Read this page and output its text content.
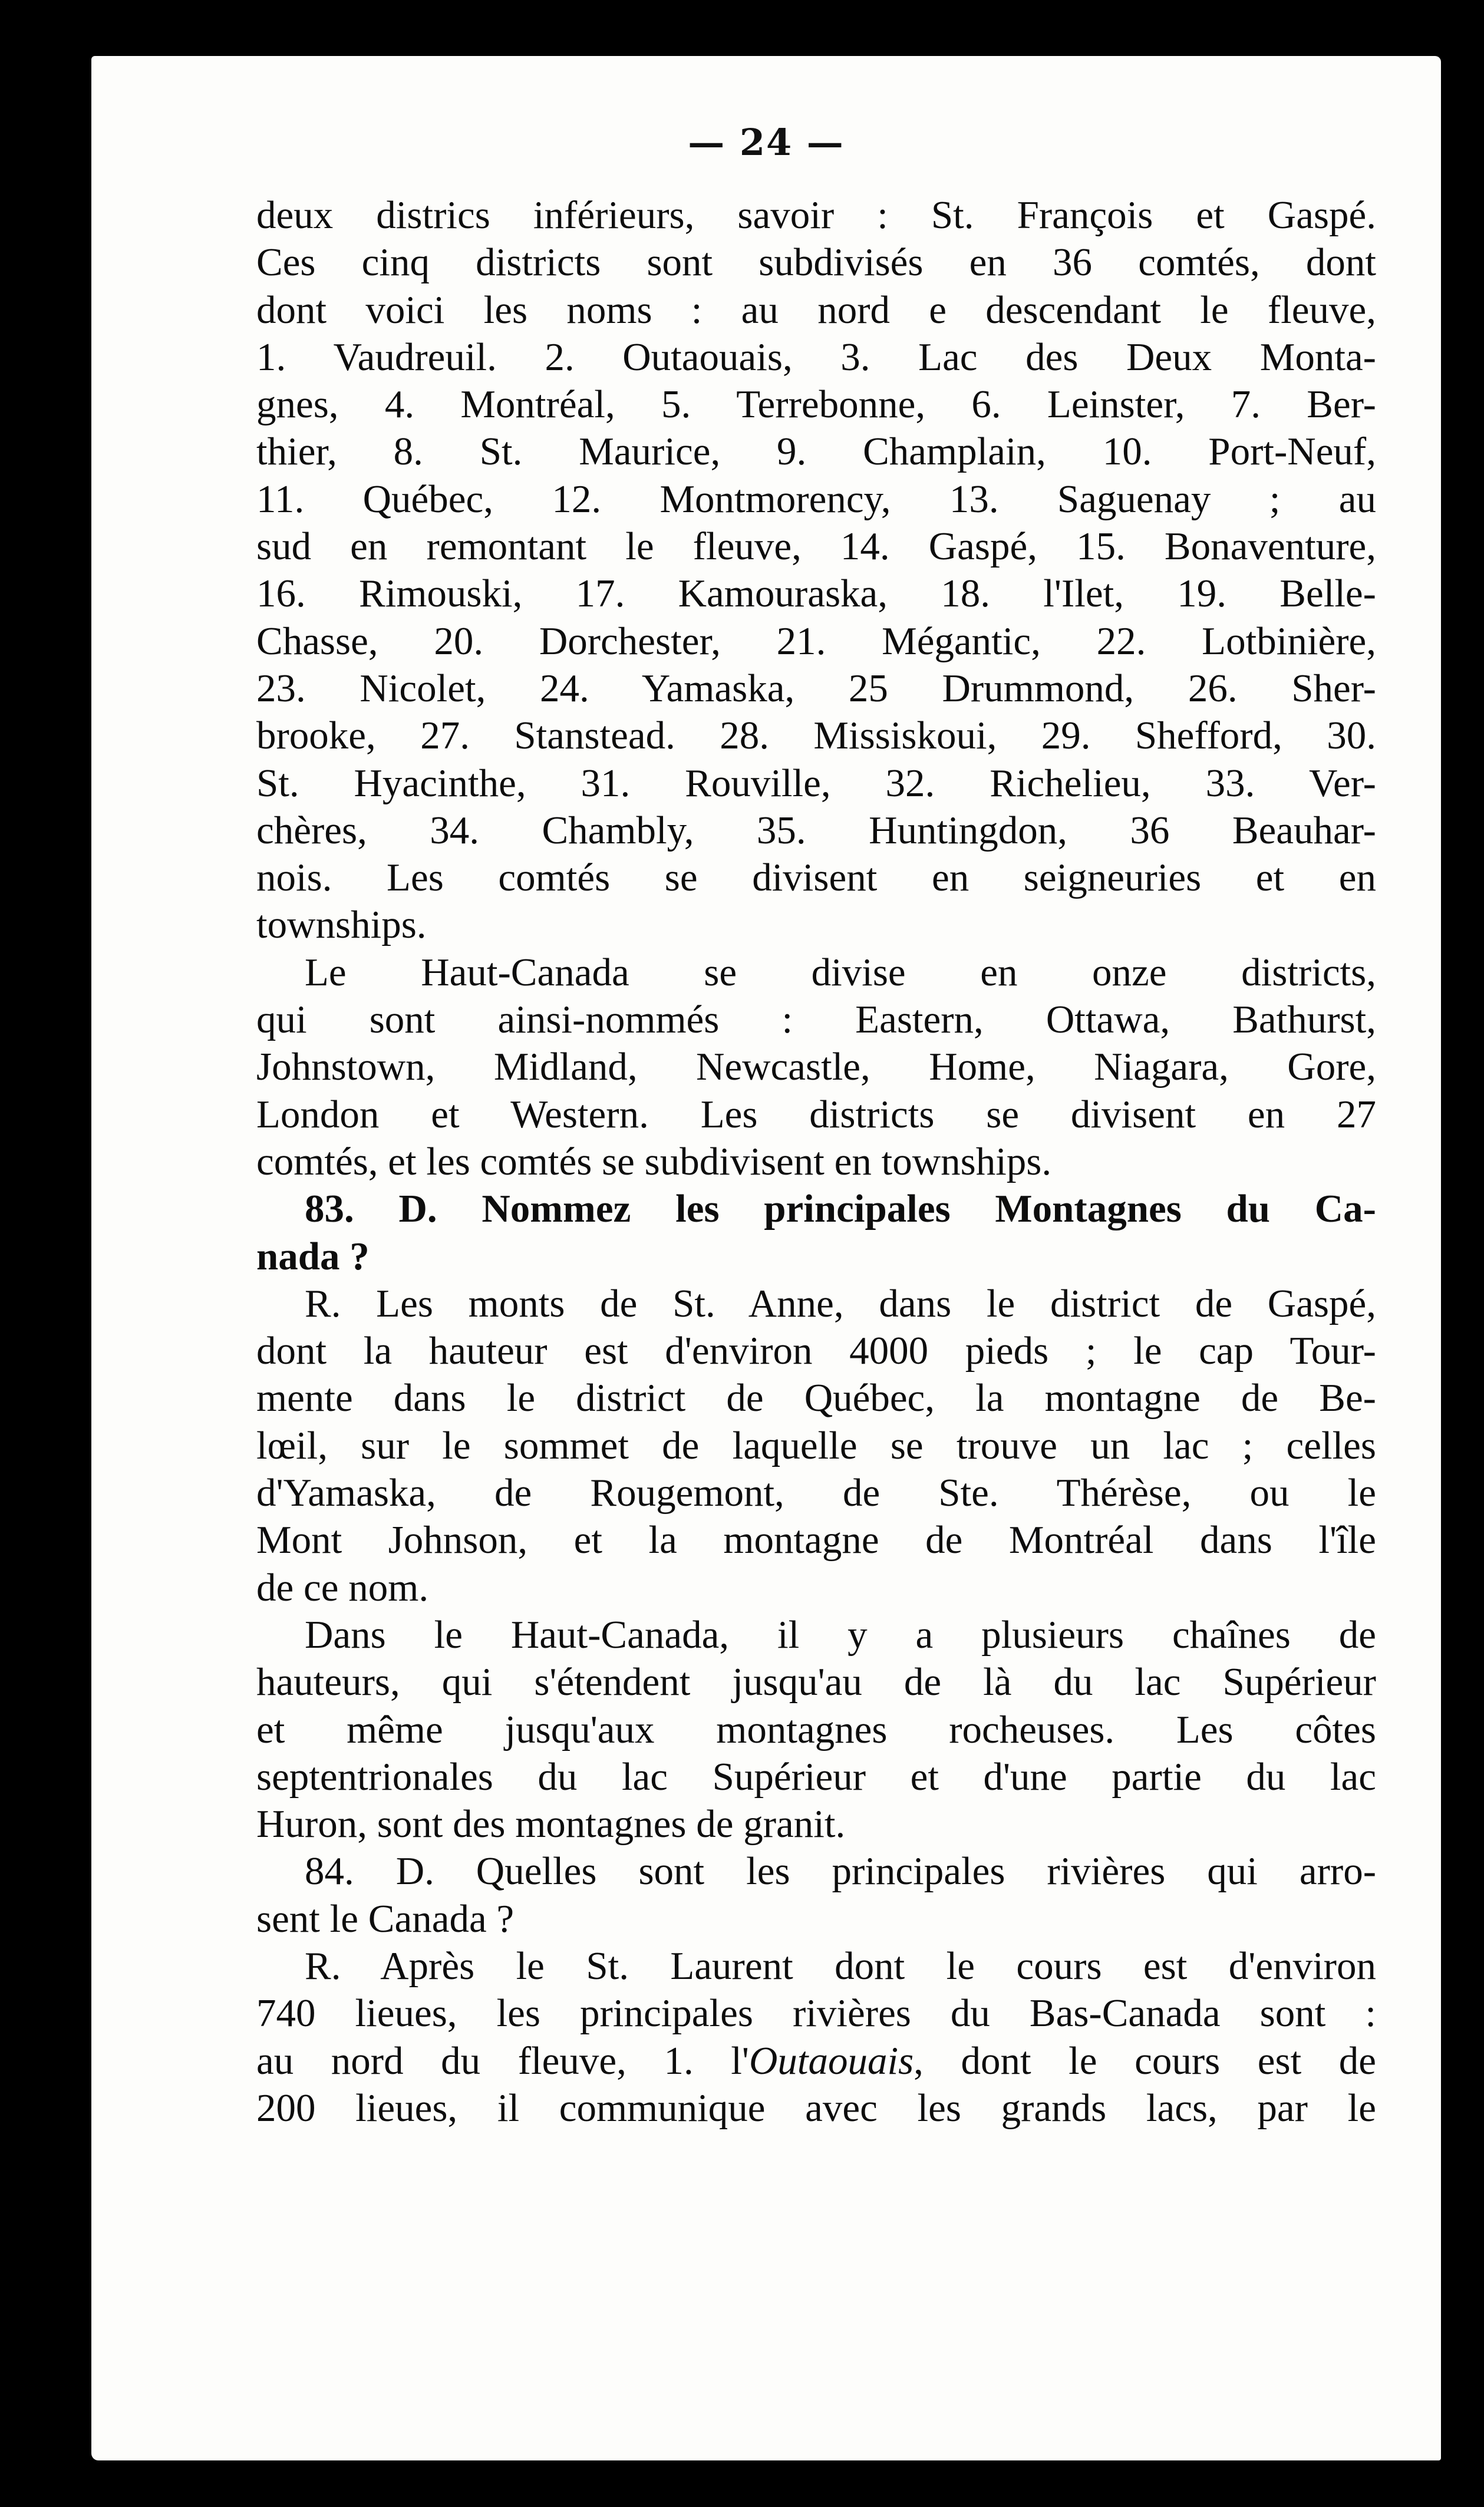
— 24 —
deux districs inférieurs, savoir : St. François et Gaspé.
Ces cinq districts sont subdivisés en 36 comtés, dont
dont voici les noms : au nord e descendant le fleuve,
1. Vaudreuil. 2. Outaouais, 3. Lac des Deux Monta-
gnes, 4. Montréal, 5. Terrebonne, 6. Leinster, 7. Ber-
thier, 8. St. Maurice, 9. Champlain, 10. Port-Neuf,
11. Québec, 12. Montmorency, 13. Saguenay ; au
sud en remontant le fleuve, 14. Gaspé, 15. Bonaventure,
16. Rimouski, 17. Kamouraska, 18. l'Ilet, 19. Belle-
Chasse, 20. Dorchester, 21. Mégantic, 22. Lotbinière,
23. Nicolet, 24. Yamaska, 25 Drummond, 26. Sher-
brooke, 27. Stanstead. 28. Missiskoui, 29. Shefford, 30.
St. Hyacinthe, 31. Rouville, 32. Richelieu, 33. Ver-
chères, 34. Chambly, 35. Huntingdon, 36 Beauhar-
nois. Les comtés se divisent en seigneuries et en
townships.
Le Haut-Canada se divise en onze districts,
qui sont ainsi-nommés : Eastern, Ottawa, Bathurst,
Johnstown, Midland, Newcastle, Home, Niagara, Gore,
London et Western. Les districts se divisent en 27
comtés, et les comtés se subdivisent en townships.
83. D. Nommez les principales Montagnes du Ca-
nada ?
R. Les monts de St. Anne, dans le district de Gaspé,
dont la hauteur est d'environ 4000 pieds ; le cap Tour-
mente dans le district de Québec, la montagne de Be-
lœil, sur le sommet de laquelle se trouve un lac ; celles
d'Yamaska, de Rougemont, de Ste. Thérèse, ou le
Mont Johnson, et la montagne de Montréal dans l'île
de ce nom.
Dans le Haut-Canada, il y a plusieurs chaînes de
hauteurs, qui s'étendent jusqu'au de là du lac Supérieur
et même jusqu'aux montagnes rocheuses. Les côtes
septentrionales du lac Supérieur et d'une partie du lac
Huron, sont des montagnes de granit.
84. D. Quelles sont les principales rivières qui arro-
sent le Canada ?
R. Après le St. Laurent dont le cours est d'environ
740 lieues, les principales rivières du Bas-Canada sont :
au nord du fleuve, 1. l'Outaouais, dont le cours est de
200 lieues, il communique avec les grands lacs, par le
